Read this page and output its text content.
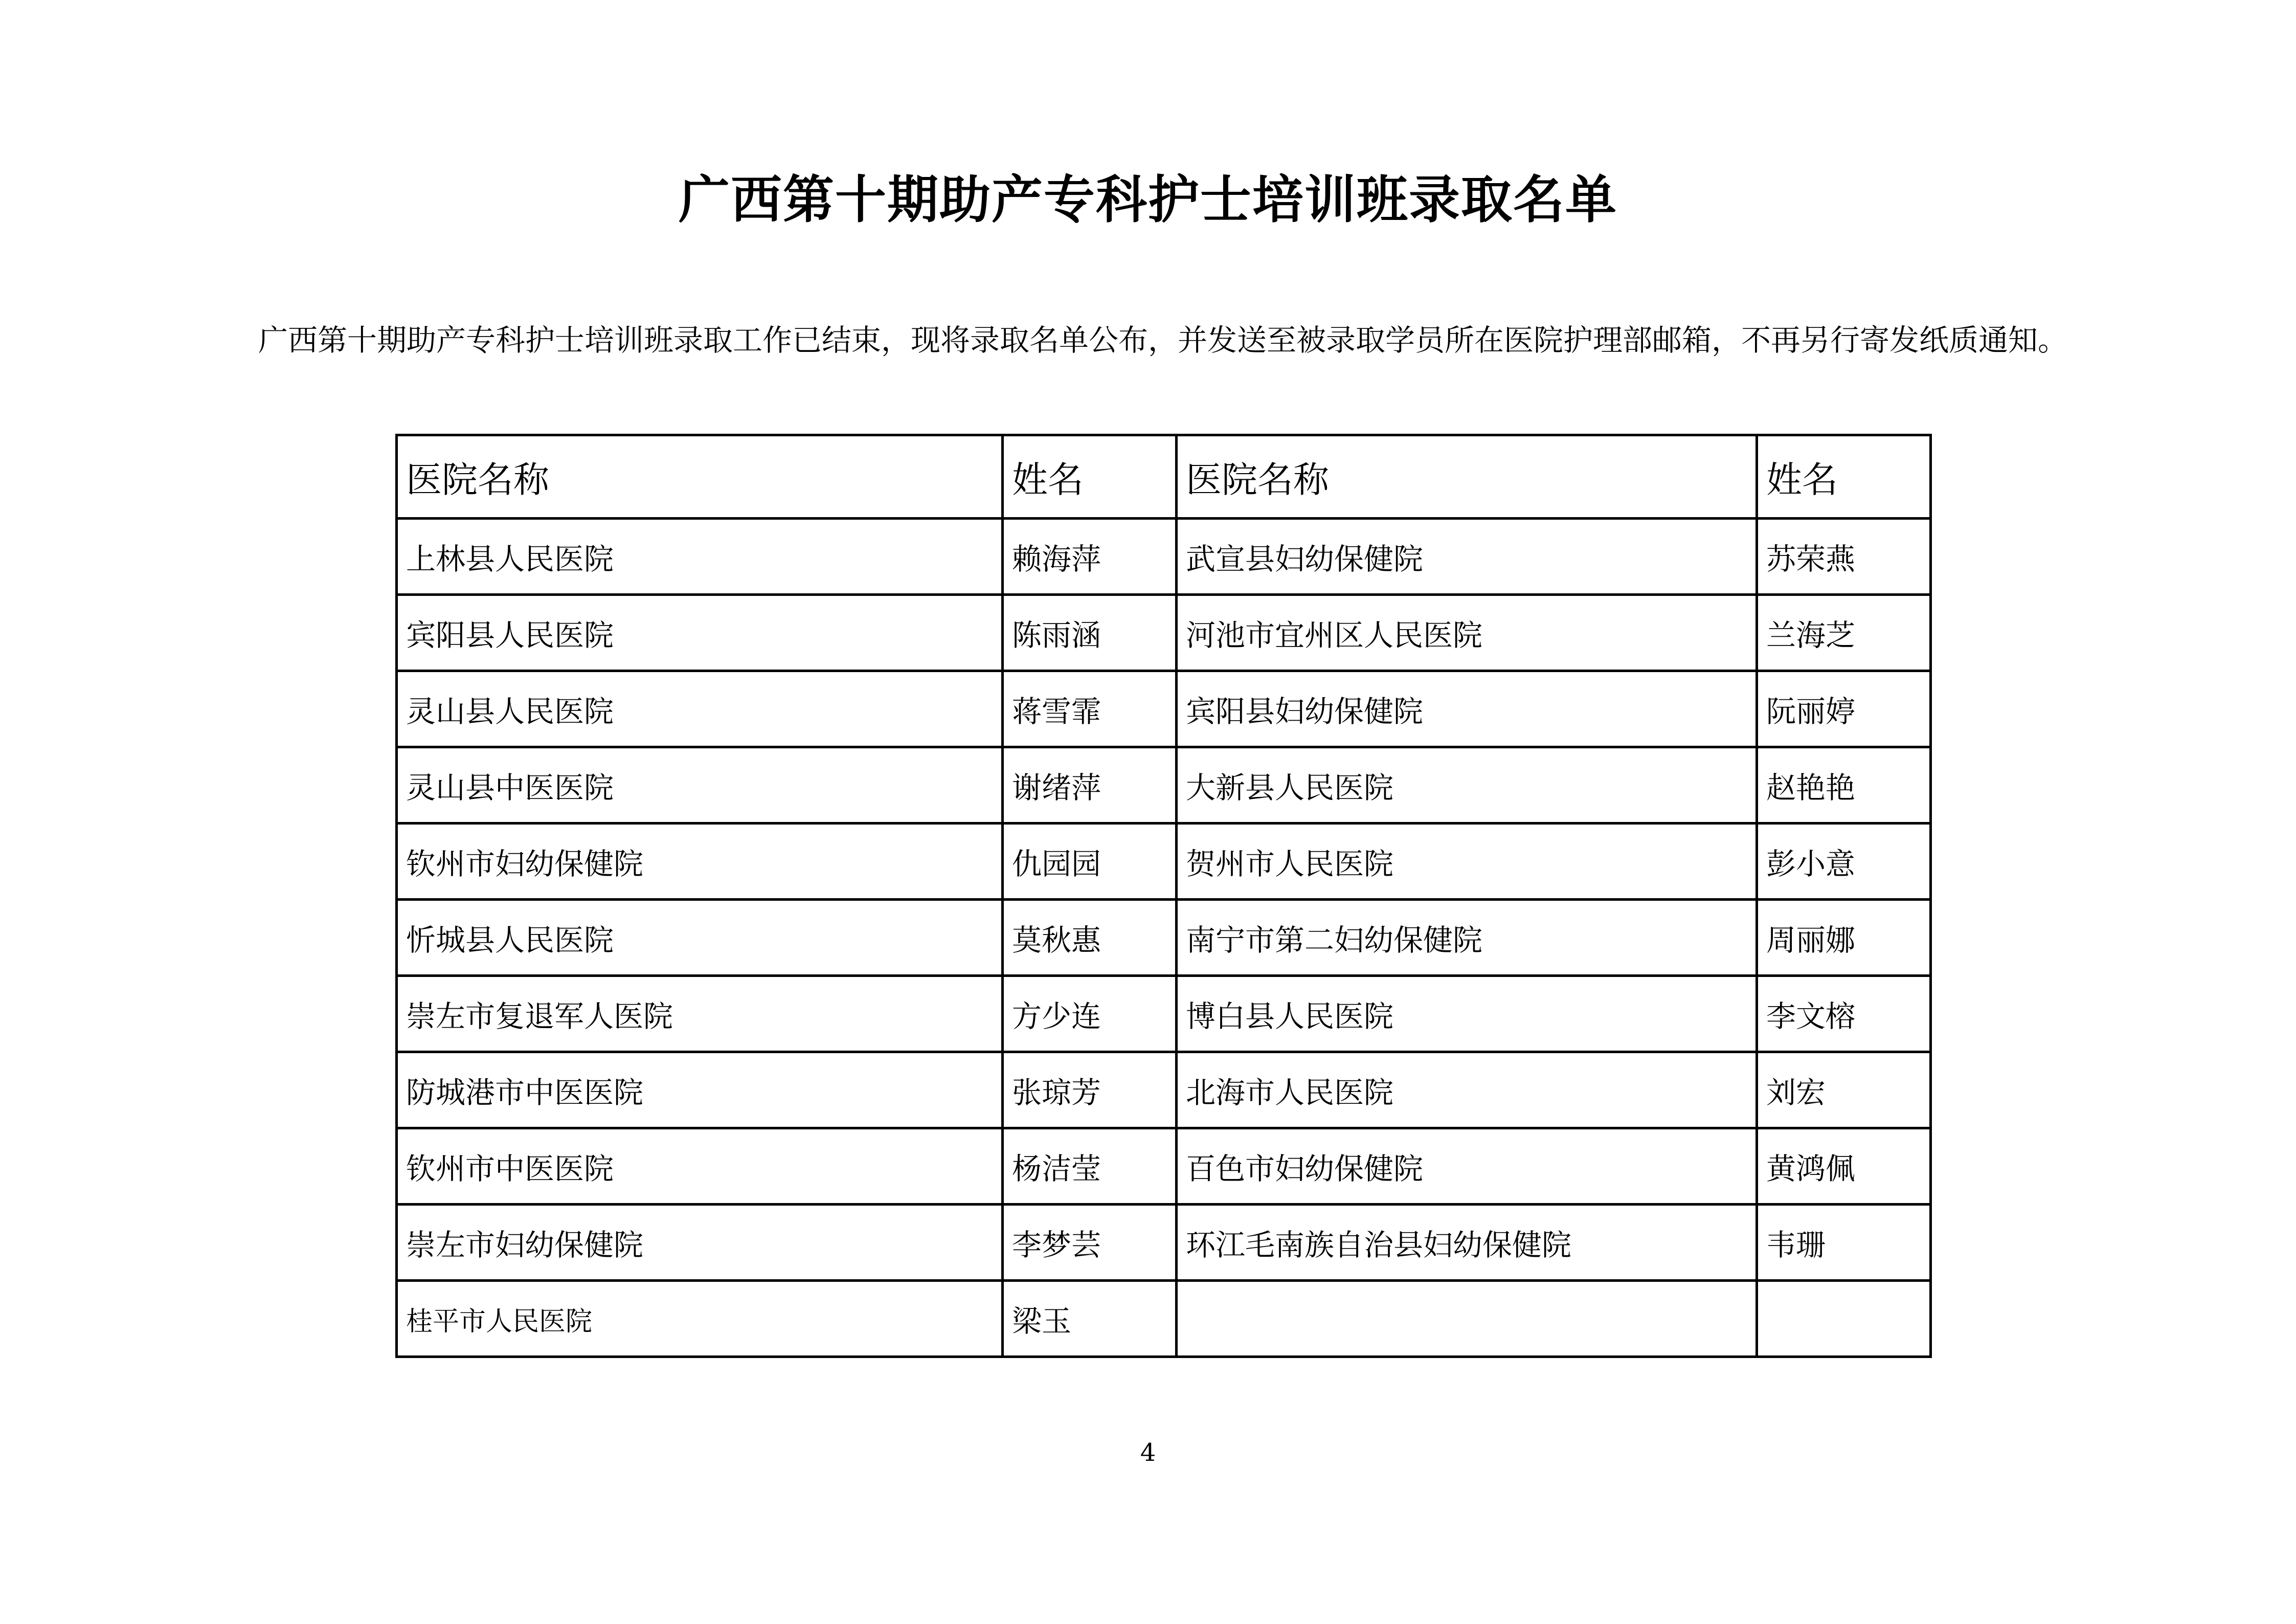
广西第十期助产专科护士培训班录取名单
广西第十期助产专科护士培训班录取工作已结束，现将录取名单公布，并发送至被录取学员所在医院护理部邮箱，不再另行寄发纸质通知。
医院名称	姓名	医院名称	姓名
上林县人民医院	赖海萍	武宣县妇幼保健院	苏荣燕
宾阳县人民医院	陈雨涵	河池市宜州区人民医院	兰海芝
灵山县人民医院	蒋雪霏	宾阳县妇幼保健院	阮丽婷
灵山县中医医院	谢绪萍	大新县人民医院	赵艳艳
钦州市妇幼保健院	仇园园	贺州市人民医院	彭小意
忻城县人民医院	莫秋惠	南宁市第二妇幼保健院	周丽娜
崇左市复退军人医院	方少连	博白县人民医院	李文榕
防城港市中医医院	张琼芳	北海市人民医院	刘宏
钦州市中医医院	杨洁莹	百色市妇幼保健院	黄鸿佩
崇左市妇幼保健院	李梦芸	环江毛南族自治县妇幼保健院	韦珊
桂平市人民医院	梁玉		
4
